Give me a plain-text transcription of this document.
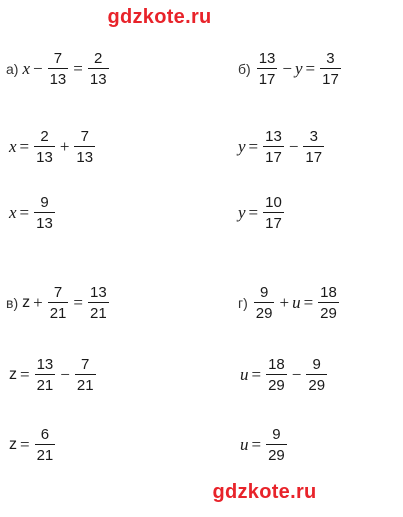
gdzkote.ru
а) $x - \frac{7}{13} = \frac{2}{13}$
$x = \frac{2}{13} + \frac{7}{13}$
$x = \frac{9}{13}$
$б) \frac{13}{17} - y = \frac{3}{17}$
$y = \frac{13}{17} - \frac{3}{17}$
$y = \frac{10}{17}$
в) $z + \frac{7}{21} = \frac{13}{21}$
$z = \frac{13}{21} - \frac{7}{21}$
$z = \frac{6}{21}$
$г) \frac{9}{29} + u = \frac{18}{29}$
$u = \frac{18}{29} - \frac{9}{29}$
$u = \frac{9}{29}$
gdzkote.ru
